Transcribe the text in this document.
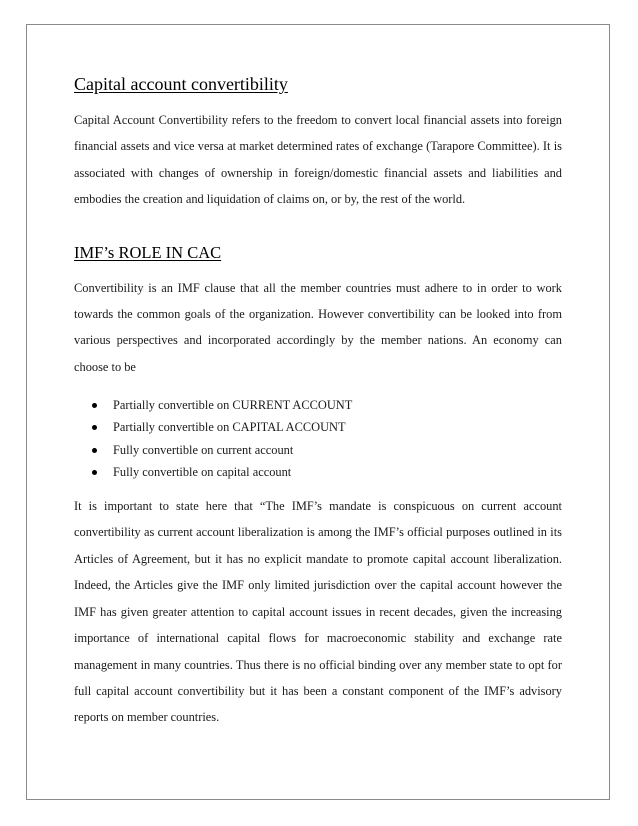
Capital account convertibility

Capital Account Convertibility refers to the freedom to convert local financial assets into foreign financial assets and vice versa at market determined rates of exchange (Tarapore Committee). It is associated with changes of ownership in foreign/domestic financial assets and liabilities and embodies the creation and liquidation of claims on, or by, the rest of the world.

IMF’s ROLE IN CAC

Convertibility is an IMF clause that all the member countries must adhere to in order to work towards the common goals of the organization. However convertibility can be looked into from various perspectives and incorporated accordingly by the member nations. An economy can choose to be

Partially convertible on CURRENT ACCOUNT
Partially convertible on CAPITAL ACCOUNT
Fully convertible on current account
Fully convertible on capital account

It is important to state here that “The IMF’s mandate is conspicuous on current account convertibility as current account liberalization is among the IMF’s official purposes outlined in its Articles of Agreement, but it has no explicit mandate to promote capital account liberalization. Indeed, the Articles give the IMF only limited jurisdiction over the capital account however the IMF has given greater attention to capital account issues in recent decades, given the increasing importance of international capital flows for macroeconomic stability and exchange rate management in many countries. Thus there is no official binding over any member state to opt for full capital account convertibility but it has been a constant component of the IMF’s advisory reports on member countries.
